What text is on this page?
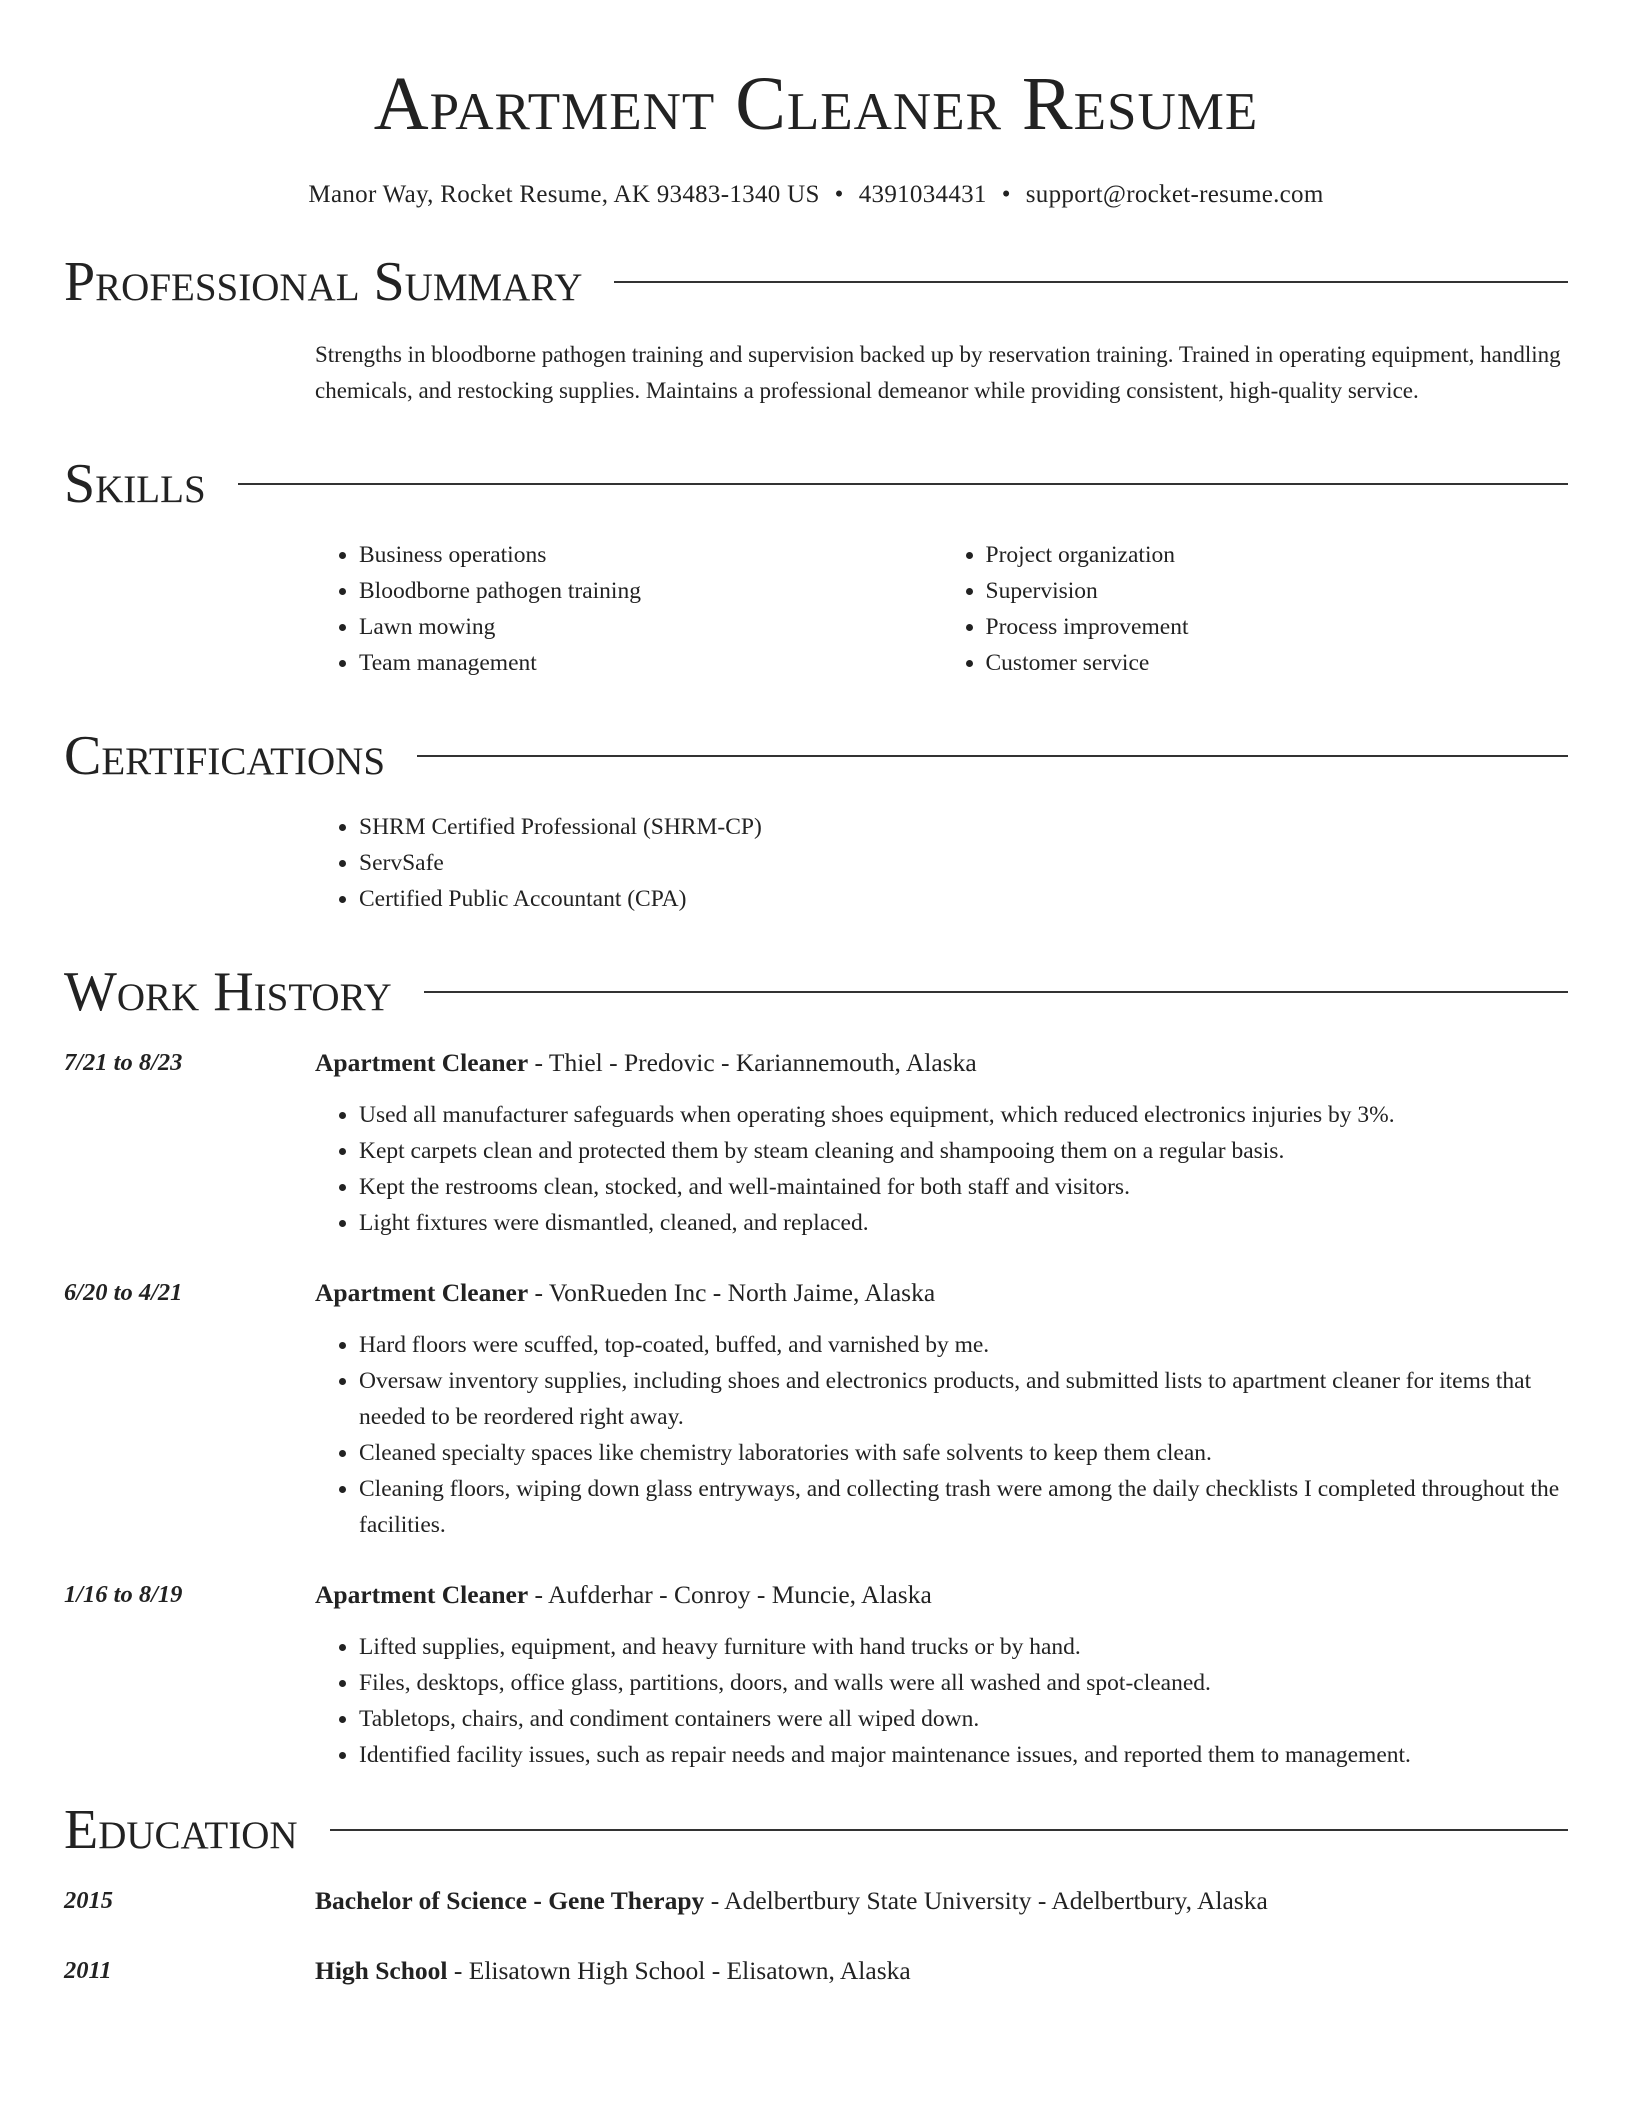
Apartment Cleaner Resume
Manor Way, Rocket Resume, AK 93483-1340 US • 4391034431 • support@rocket-resume.com
Professional Summary
Strengths in bloodborne pathogen training and supervision backed up by reservation training. Trained in operating equipment, handling chemicals, and restocking supplies. Maintains a professional demeanor while providing consistent, high-quality service.
Skills
• Business operations
• Bloodborne pathogen training
• Lawn mowing
• Team management
• Project organization
• Supervision
• Process improvement
• Customer service
Certifications
• SHRM Certified Professional (SHRM-CP)
• ServSafe
• Certified Public Accountant (CPA)
Work History
7/21 to 8/23	Apartment Cleaner - Thiel - Predovic - Kariannemouth, Alaska
• Used all manufacturer safeguards when operating shoes equipment, which reduced electronics injuries by 3%.
• Kept carpets clean and protected them by steam cleaning and shampooing them on a regular basis.
• Kept the restrooms clean, stocked, and well-maintained for both staff and visitors.
• Light fixtures were dismantled, cleaned, and replaced.
6/20 to 4/21	Apartment Cleaner - VonRueden Inc - North Jaime, Alaska
• Hard floors were scuffed, top-coated, buffed, and varnished by me.
• Oversaw inventory supplies, including shoes and electronics products, and submitted lists to apartment cleaner for items that needed to be reordered right away.
• Cleaned specialty spaces like chemistry laboratories with safe solvents to keep them clean.
• Cleaning floors, wiping down glass entryways, and collecting trash were among the daily checklists I completed throughout the facilities.
1/16 to 8/19	Apartment Cleaner - Aufderhar - Conroy - Muncie, Alaska
• Lifted supplies, equipment, and heavy furniture with hand trucks or by hand.
• Files, desktops, office glass, partitions, doors, and walls were all washed and spot-cleaned.
• Tabletops, chairs, and condiment containers were all wiped down.
• Identified facility issues, such as repair needs and major maintenance issues, and reported them to management.
Education
2015	Bachelor of Science - Gene Therapy - Adelbertbury State University - Adelbertbury, Alaska
2011	High School - Elisatown High School - Elisatown, Alaska
